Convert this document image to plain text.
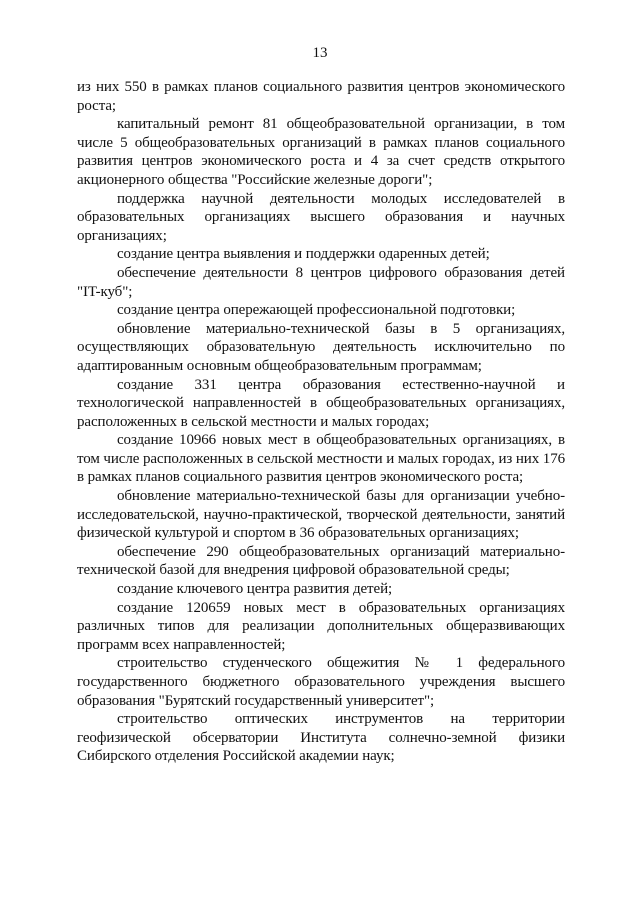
13

из них 550 в рамках планов социального развития центров экономического роста;

капитальный ремонт 81 общеобразовательной организации, в том числе 5 общеобразовательных организаций в рамках планов социального развития центров экономического роста и 4 за счет средств открытого акционерного общества "Российские железные дороги";

поддержка научной деятельности молодых исследователей в образовательных организациях высшего образования и научных организациях;

создание центра выявления и поддержки одаренных детей;

обеспечение деятельности 8 центров цифрового образования детей "IT-куб";

создание центра опережающей профессиональной подготовки;

обновление материально-технической базы в 5 организациях, осуществляющих образовательную деятельность исключительно по адаптированным основным общеобразовательным программам;

создание 331 центра образования естественно-научной и технологической направленностей в общеобразовательных организациях, расположенных в сельской местности и малых городах;

создание 10966 новых мест в общеобразовательных организациях, в том числе расположенных в сельской местности и малых городах, из них 176 в рамках планов социального развития центров экономического роста;

обновление материально-технической базы для организации учебно-исследовательской, научно-практической, творческой деятельности, занятий физической культурой и спортом в 36 образовательных организациях;

обеспечение 290 общеобразовательных организаций материально-технической базой для внедрения цифровой образовательной среды;

создание ключевого центра развития детей;

создание 120659 новых мест в образовательных организациях различных типов для реализации дополнительных общеразвивающих программ всех направленностей;

строительство студенческого общежития № 1 федерального государственного бюджетного образовательного учреждения высшего образования "Бурятский государственный университет";

строительство оптических инструментов на территории геофизической обсерватории Института солнечно-земной физики Сибирского отделения Российской академии наук;
